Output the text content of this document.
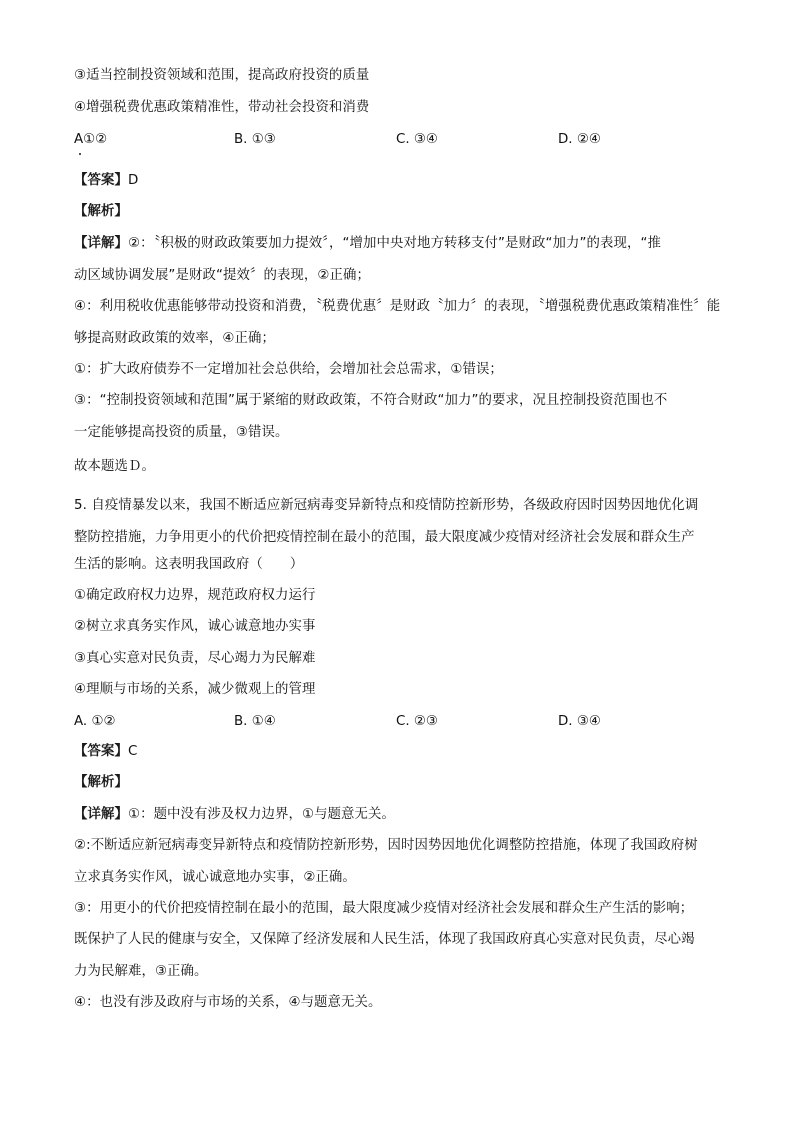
③适当控制投资领域和范围，提高政府投资的质量
④增强税费优惠政策精准性，带动社会投资和消费
A①②	B. ①③	C. ③④	D. ②④
【答案】D
【解析】
【详解】②：〝积极的财政政策要加力提效〞，“增加中央对地方转移支付”是财政“加力”的表现，“推
动区域协调发展”是财政“提效〞的表现，②正确；
④：利用税收优惠能够带动投资和消费，〝税费优惠〞是财政〝加力〞的表现，〝增强税费优惠政策精准性〞能
够提高财政政策的效率，④正确；
①：扩大政府债券不一定增加社会总供给，会增加社会总需求，①错误；
③：“控制投资领域和范围”属于紧缩的财政政策，不符合财政“加力”的要求，况且控制投资范围也不
一定能够提高投资的质量，③错误。
故本题选Ｄ。
5. 自疫情暴发以来，我国不断适应新冠病毒变异新特点和疫情防控新形势，各级政府因时因势因地优化调
整防控措施，力争用更小的代价把疫情控制在最小的范围，最大限度减少疫情对经济社会发展和群众生产
生活的影响。这表明我国政府（　　）
①确定政府权力边界，规范政府权力运行
②树立求真务实作风，诚心诚意地办实事
③真心实意对民负责，尽心竭力为民解难
④理顺与市场的关系，减少微观上的管理
A. ①②	B. ①④	C. ②③	D. ③④
【答案】C
【解析】
【详解】①：题中没有涉及权力边界，①与题意无关。
②:不断适应新冠病毒变异新特点和疫情防控新形势，因时因势因地优化调整防控措施，体现了我国政府树
立求真务实作风，诚心诚意地办实事，②正确。
③：用更小的代价把疫情控制在最小的范围，最大限度减少疫情对经济社会发展和群众生产生活的影响；
既保护了人民的健康与安全，又保障了经济发展和人民生活，体现了我国政府真心实意对民负责，尽心竭
力为民解难，③正确。
④：也没有涉及政府与市场的关系，④与题意无关。
